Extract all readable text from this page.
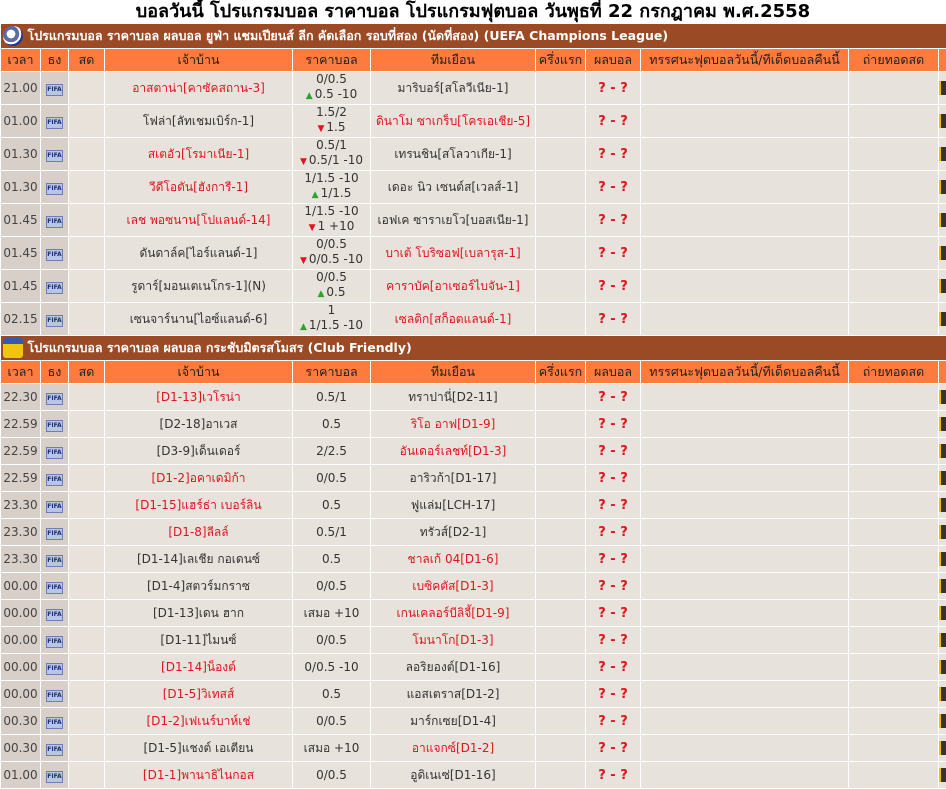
บอลวันนี้ โปรแกรมบอล ราคาบอล โปรแกรมฟุตบอล วันพุธที่ 22 กรกฎาคม พ.ศ.2558
โปรแกรมบอล ราคาบอล ผลบอล ยูฟ่า แชมเปียนส์ ลีก คัดเลือก รอบที่สอง (นัดที่สอง) (UEFA Champions League)										
เวลา	ธง	สด	เจ้าบ้าน	ราคาบอล	ทีมเยือน	ครึ่งแรก	ผลบอล	ทรรศนะฟุตบอลวันนี้/ทีเด็ดบอลคืนนี้	ถ่ายทอดสด	
21.00	FIFA		อาสตาน่า[คาซัคสถาน-3]	0/0.5
▲ 0.5 -10	มาริบอร์[สโลวีเนีย-1]		? - ?			

01.00	FIFA		โฟล่า[ลัทเชมเบิร์ก-1]	1.5/2
▼ 1.5	ดินาโม ซาเกร็บ[โครเอเชีย-5]		? - ?			

01.30	FIFA		สเตอัว[โรมาเนีย-1]	0.5/1
▼ 0.5/1 -10	เทรนชิน[สโลวาเกีย-1]		? - ?			

01.30	FIFA		วีดีโอตัน[ฮังการี-1]	1/1.5 -10
▲ 1/1.5	เดอะ นิว เซนต์ส[เวลส์-1]		? - ?			

01.45	FIFA		เลช พอซนาน[โปแลนด์-14]	1/1.5 -10
▼ 1 +10	เอฟเค ซาราเยโว[บอสเนีย-1]		? - ?			

01.45	FIFA		ดันดาล์ค[ไอร์แลนด์-1]	0/0.5
▼ 0/0.5 -10	บาเต้ โบริซอฟ[เบลารุส-1]		? - ?			

01.45	FIFA		รูดาร์[มอนเตเนโกร-1](N)	0/0.5
▲ 0.5	คาราบัค[อาเซอร์ไบจัน-1]		? - ?			

02.15	FIFA		เซนจาร์นาน[ไอซ์แลนด์-6]	1
▲ 1/1.5 -10	เซลติก[สก็อตแลนด์-1]		? - ?			

โปรแกรมบอล ราคาบอล ผลบอล กระชับมิตรสโมสร (Club Friendly)										
เวลา	ธง	สด	เจ้าบ้าน	ราคาบอล	ทีมเยือน	ครึ่งแรก	ผลบอล	ทรรศนะฟุตบอลวันนี้/ทีเด็ดบอลคืนนี้	ถ่ายทอดสด	
22.30	FIFA		[D1-13]เวโรน่า	0.5/1	ทราปานี่[D2-11]		? - ?			

22.59	FIFA		[D2-18]อาเวส	0.5	ริโอ อาฟ[D1-9]		? - ?			

22.59	FIFA		[D3-9]เด็นเดอร์	2/2.5	อันเดอร์เลชท์[D1-3]		? - ?			

22.59	FIFA		[D1-2]อคาเดมิก้า	0/0.5	อาริวก้า[D1-17]		? - ?			

23.30	FIFA		[D1-15]แฮร์ธ่า เบอร์ลิน	0.5	ฟูแล่ม[LCH-17]		? - ?			

23.30	FIFA		[D1-8]ลีลล์	0.5/1	ทรัวส์[D2-1]		? - ?			

23.30	FIFA		[D1-14]เลเชีย กอเดนซ์	0.5	ชาลเก้ 04[D1-6]		? - ?			

00.00	FIFA		[D1-4]สตวร์มกราซ	0/0.5	เบซิคตัส[D1-3]		? - ?			

00.00	FIFA		[D1-13]เดน ฮาก	เสมอ +10	เกนเคลอร์บีลิจี้[D1-9]		? - ?			

00.00	FIFA		[D1-11]ไมนซ์	0/0.5	โมนาโก[D1-3]		? - ?			

00.00	FIFA		[D1-14]น็องต์	0/0.5 -10	ลอริยองต์[D1-16]		? - ?			

00.00	FIFA		[D1-5]วิเทสส์	0.5	แอสเตราส[D1-2]		? - ?			

00.30	FIFA		[D1-2]เฟเนร์บาห์เช่	0/0.5	มาร์กเซย[D1-4]		? - ?			

00.30	FIFA		[D1-5]แชงต์ เอเตียน	เสมอ +10	อาแจกซ์[D1-2]		? - ?			

01.00	FIFA		[D1-1]พานาธิไนกอส	0/0.5	อูดิเนเซ่[D1-16]		? - ?			
